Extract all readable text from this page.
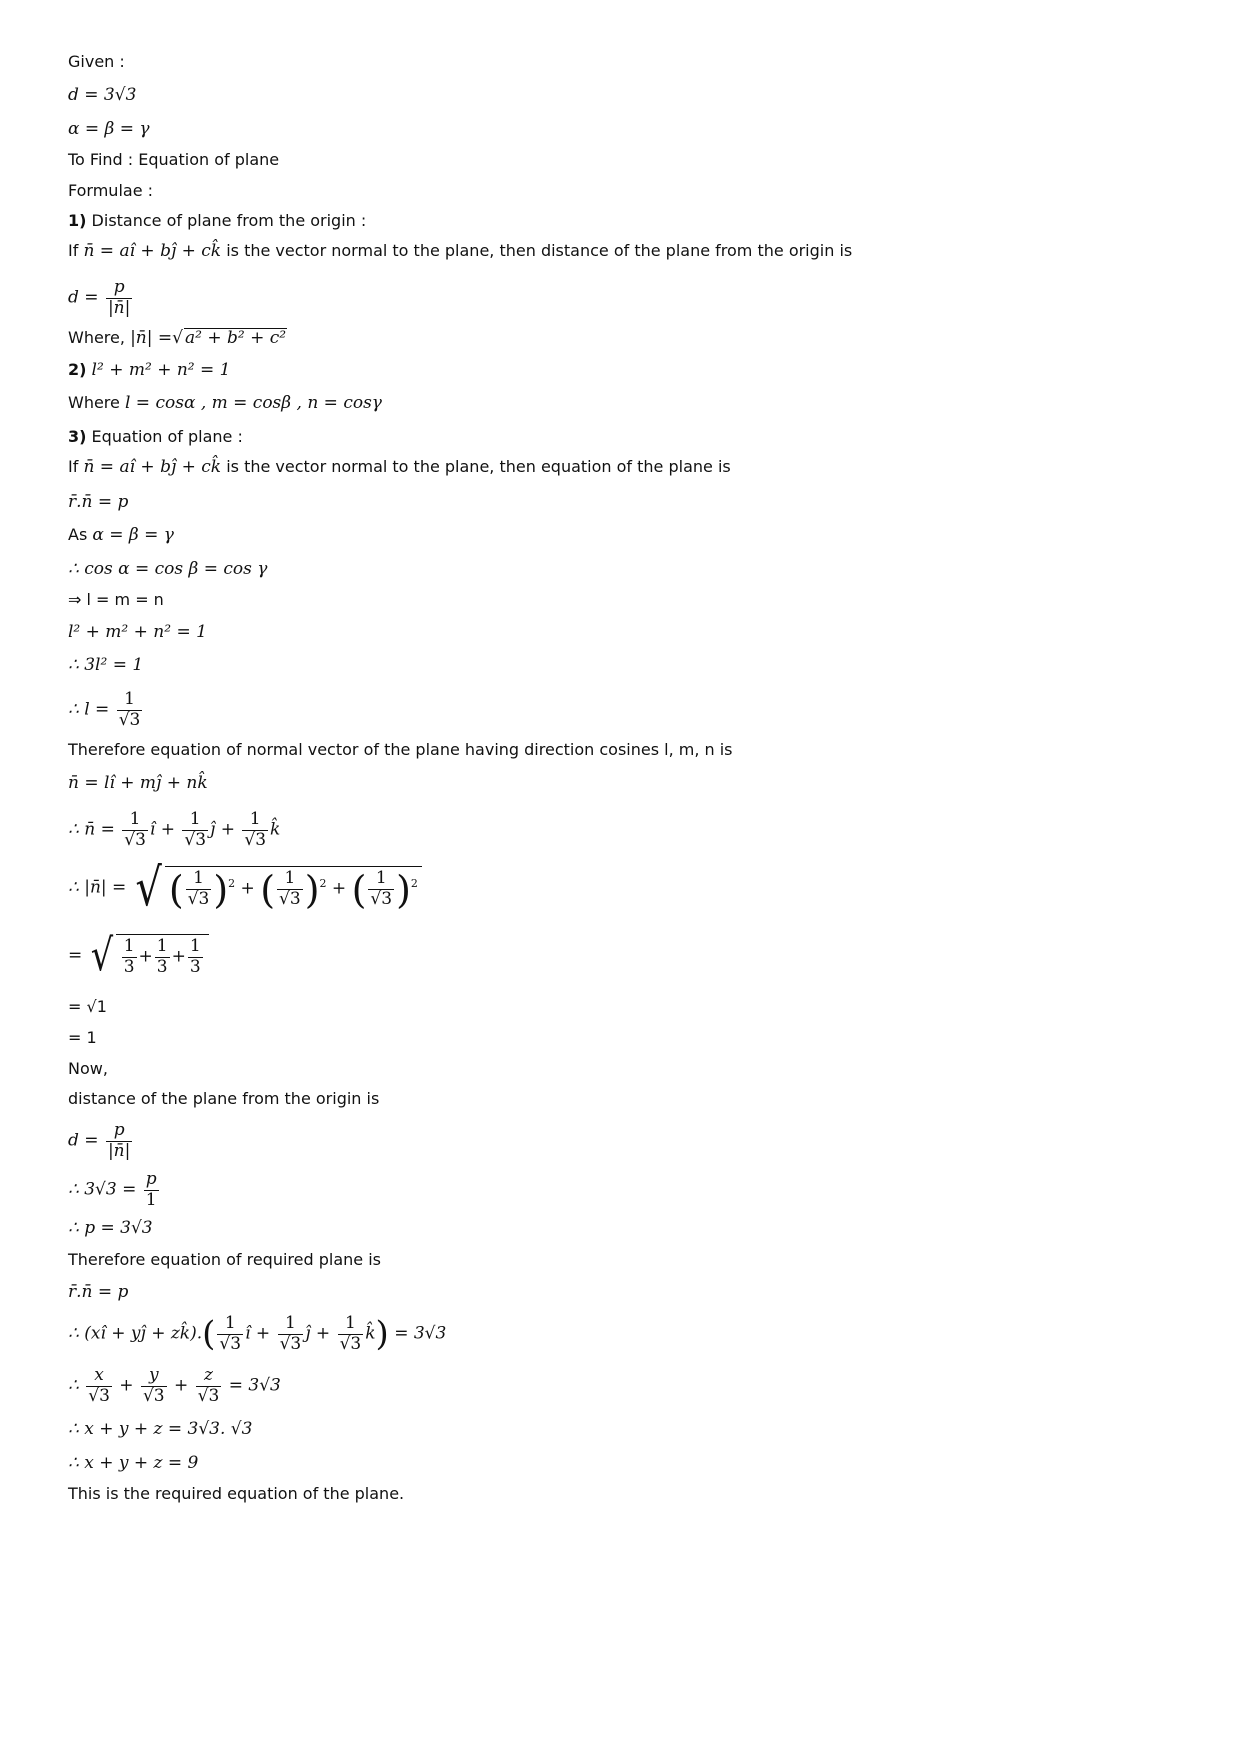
Given :
d = 3√3
α = β = γ
To Find : Equation of plane
Formulae :
1) Distance of plane from the origin :
If n̄ = aî + bĵ + ck̂ is the vector normal to the plane, then distance of the plane from the origin is
$d = \frac{p}{|n̄|}$
Where, |n̄| =√ a² + b² + c²
2) l² + m² + n² = 1
Where l = cosα , m = cosβ , n = cosγ
3) Equation of plane :
If n̄ = aî + bĵ + ck̂ is the vector normal to the plane, then equation of the plane is
r̄.n̄ = p
As α = β = γ
∴ cos α = cos β = cos γ
⇒ l = m = n
l² + m² + n² = 1
∴ 3l² = 1
∴ $l = \frac{1}{√3}$
Therefore equation of normal vector of the plane having direction cosines l, m, n is
n̄ = lî + mĵ + nk̂
∴ n̄ = $\frac{1}{√3}$ î + $\frac{1}{√3}$ ĵ + $\frac{1}{√3}$ k̂
∴ |n̄| = √ ( $\frac{1}{√3} )^2$ + ( $\frac{1}{√3} )^2$ + ( $\frac{1}{√3} )^2$
= √ $\frac{1}{3} + \frac{1}{3} + \frac{1}{3}$
= √1
= 1
Now,
distance of the plane from the origin is
$d = \frac{p}{|n̄|}$
∴ $3√3 = \frac{p}{1}$
∴ p = 3√3
Therefore equation of required plane is
r̄.n̄ = p
∴ (xî + yĵ + zk̂).( $\frac{1}{√3}$ î + $\frac{1}{√3}$ ĵ + $\frac{1}{√3}$ k̂) = 3√3
∴ $\frac{x}{√3} + \frac{y}{√3} + \frac{z}{√3} = 3√3$
∴ x + y + z = 3√3. √3
∴ x + y + z = 9
This is the required equation of the plane.
